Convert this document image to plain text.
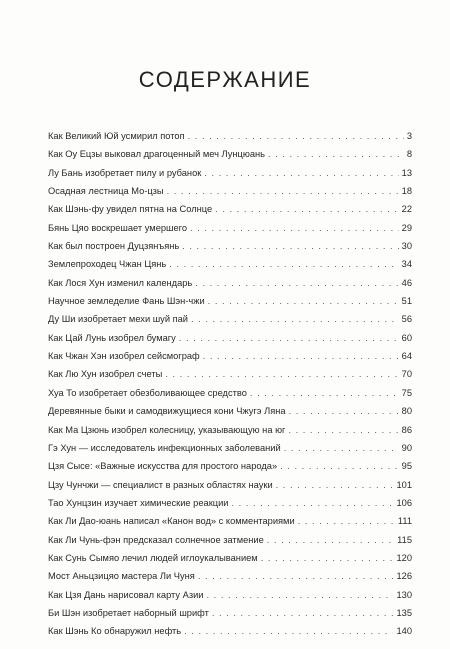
СОДЕРЖАНИЕ
Как Великий Юй усмирил потоп . . .	3
Как Оу Ецзы выковал драгоценный меч Лунцюань . . .	8
Лу Бань изобретает пилу и рубанок . . .	13
Осадная лестница Мо-цзы . . .	18
Как Шэнь-фу увидел пятна на Солнце . . .	22
Бянь Цяо воскрешает умершего . . .	29
Как был построен Дуцзянъянь . . .	30
Землепроходец Чжан Цянь . . .	34
Как Лося Хун изменил календарь . . .	46
Научное земледелие Фань Шэн-чжи . . .	51
Ду Ши изобретает мехи шуй пай . . .	56
Как Цай Лунь изобрел бумагу . . .	60
Как Чжан Хэн изобрел сейсмограф . . .	64
Как Лю Хун изобрел счеты . . .	70
Хуа То изобретает обезболивающее средство . . .	75
Деревянные быки и самодвижущиеся кони Чжугэ Ляна . . .	80
Как Ма Цзюнь изобрел колесницу, указывающую на юг . . .	86
Гэ Хун — исследователь инфекционных заболеваний . . .	90
Цзя Сысе: «Важные искусства для простого народа» . . .	95
Цзу Чунчжи — специалист в разных областях науки . . .	101
Тао Хунцзин изучает химические реакции . . .	106
Как Ли Дао-юань написал «Канон вод» с комментариями . . .	111
Как Ли Чунь-фэн предсказал солнечное затмение . . .	115
Как Сунь Сымяо лечил людей иглоукалыванием . . .	120
Мост Аньцзицяо мастера Ли Чуня . . .	126
Как Цзя Дань нарисовал карту Азии . . .	130
Би Шэн изобретает наборный шрифт . . .	135
Как Шэнь Ко обнаружил нефть . . .	140
